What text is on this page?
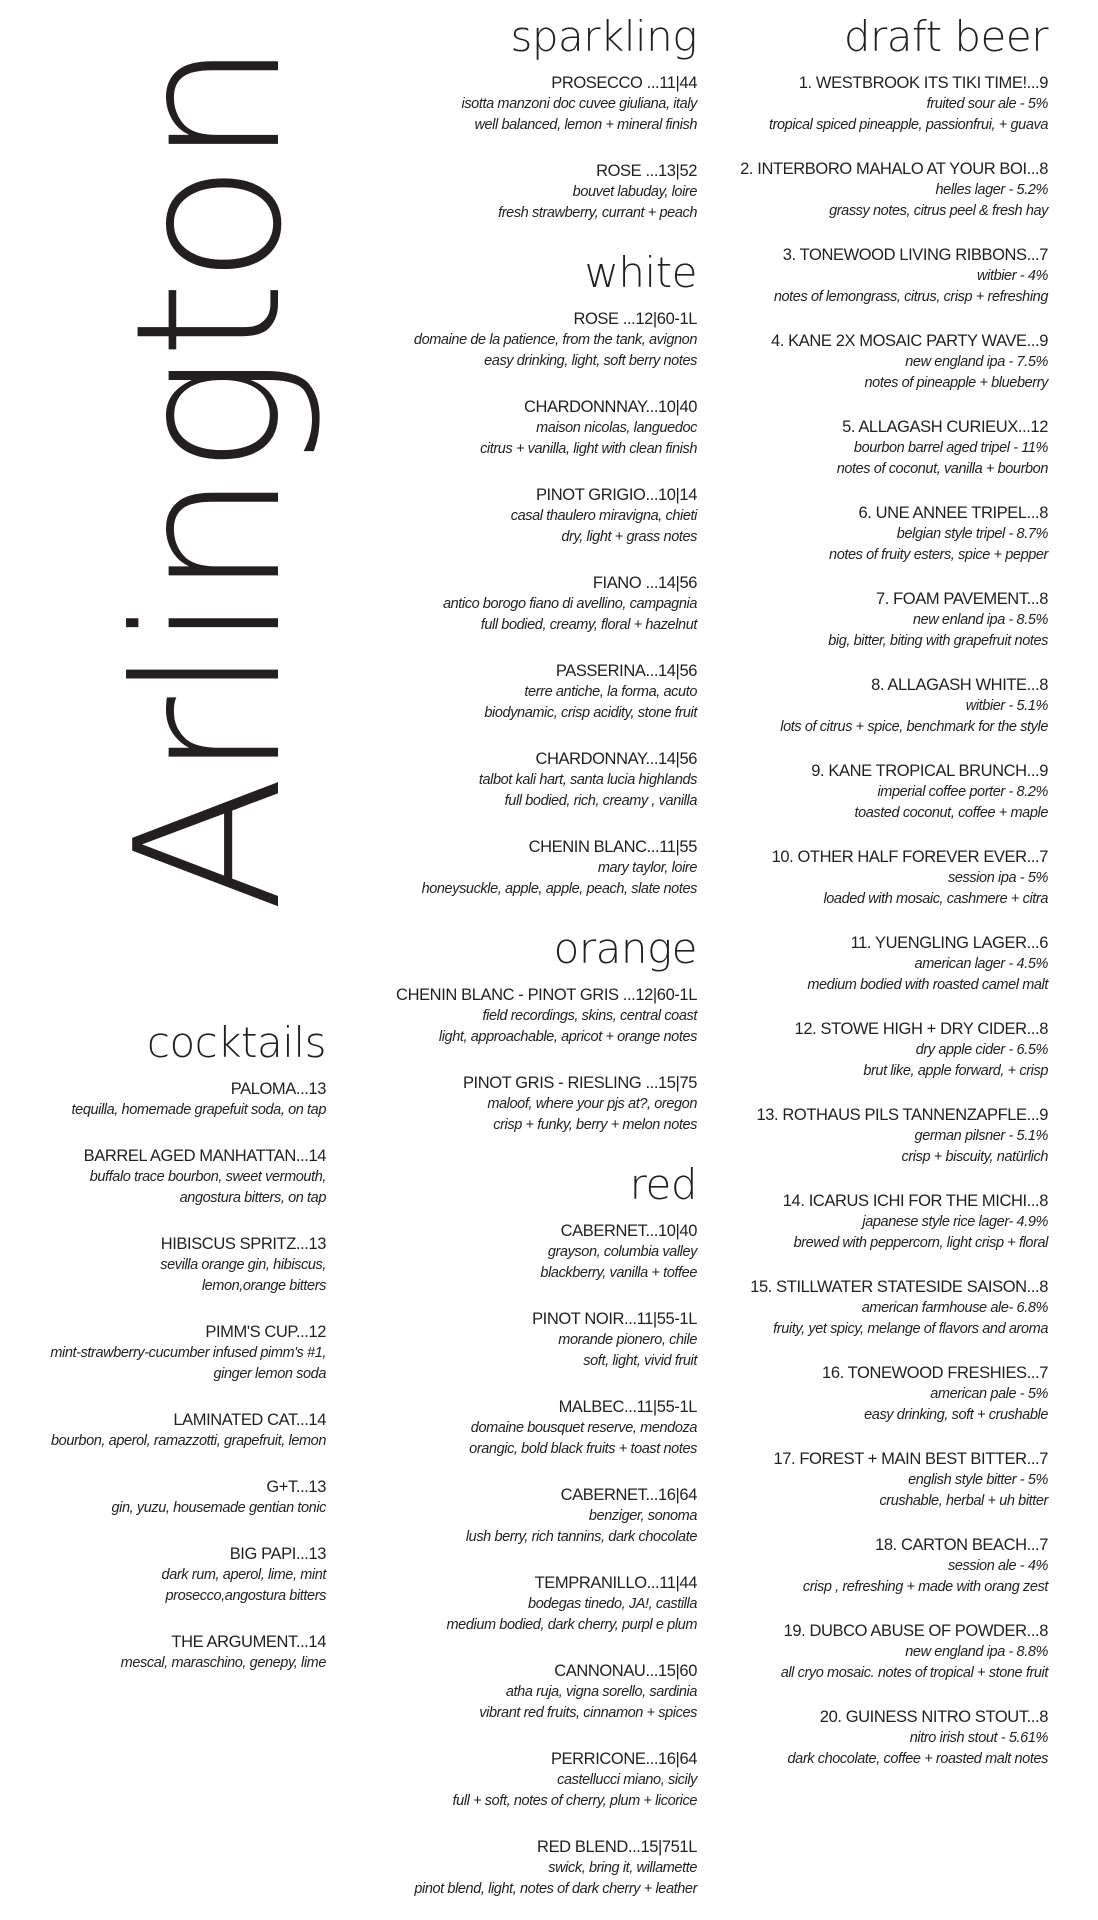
Arlington
cocktails
PALOMA...13
tequilla, homemade grapefuit soda, on tap
BARREL AGED MANHATTAN...14
buffalo trace bourbon, sweet vermouth,
angostura bitters, on tap
HIBISCUS SPRITZ...13
sevilla orange gin, hibiscus,
lemon,orange bitters
PIMM'S CUP...12
mint-strawberry-cucumber infused pimm's #1,
ginger lemon soda
LAMINATED CAT...14
bourbon, aperol, ramazzotti, grapefruit, lemon
G+T...13
gin, yuzu, housemade gentian tonic
BIG PAPI...13
dark rum, aperol, lime, mint
prosecco,angostura bitters
THE ARGUMENT...14
mescal, maraschino, genepy, lime
sparkling
PROSECCO ...11|44
isotta manzoni doc cuvee giuliana, italy
well balanced, lemon + mineral finish
ROSE ...13|52
bouvet labuday, loire
fresh strawberry, currant + peach
white
ROSE ...12|60-1L
domaine de la patience, from the tank, avignon
easy drinking, light, soft berry notes
CHARDONNNAY...10|40
maison nicolas, languedoc
citrus + vanilla, light with clean finish
PINOT GRIGIO...10|14
casal thaulero miravigna, chieti
dry, light + grass notes
FIANO ...14|56
antico borogo fiano di avellino, campagnia
full bodied, creamy, floral + hazelnut
PASSERINA...14|56
terre antiche, la forma, acuto
biodynamic, crisp acidity, stone fruit
CHARDONNAY...14|56
talbot kali hart, santa lucia highlands
full bodied, rich, creamy , vanilla
CHENIN BLANC...11|55
mary taylor, loire
honeysuckle, apple, apple, peach, slate notes
orange
CHENIN BLANC - PINOT GRIS ...12|60-1L
field recordings, skins, central coast
light, approachable, apricot + orange notes
PINOT GRIS - RIESLING ...15|75
maloof, where your pjs at?, oregon
crisp + funky, berry + melon notes
red
CABERNET...10|40
grayson, columbia valley
blackberry, vanilla + toffee
PINOT NOIR...11|55-1L
morande pionero, chile
soft, light, vivid fruit
MALBEC...11|55-1L
domaine bousquet reserve, mendoza
orangic, bold black fruits + toast notes
CABERNET...16|64
benziger, sonoma
lush berry, rich tannins, dark chocolate
TEMPRANILLO...11|44
bodegas tinedo, JA!, castilla
medium bodied, dark cherry, purpl e plum
CANNONAU...15|60
atha ruja, vigna sorello, sardinia
vibrant red fruits, cinnamon + spices
PERRICONE...16|64
castellucci miano, sicily
full + soft, notes of cherry, plum + licorice
RED BLEND...15|751L
swick, bring it, willamette
pinot blend, light, notes of dark cherry + leather
draft beer
1. WESTBROOK ITS TIKI TIME!...9
fruited sour ale - 5%
tropical spiced pineapple, passionfrui, + guava
2. INTERBORO MAHALO AT YOUR BOI...8
helles lager - 5.2%
grassy notes, citrus peel & fresh hay
3. TONEWOOD LIVING RIBBONS...7
witbier - 4%
notes of lemongrass, citrus, crisp + refreshing
4. KANE 2X MOSAIC PARTY WAVE...9
new england ipa - 7.5%
notes of pineapple + blueberry
5. ALLAGASH CURIEUX...12
bourbon barrel aged tripel - 11%
notes of coconut, vanilla + bourbon
6. UNE ANNEE TRIPEL...8
belgian style tripel - 8.7%
notes of fruity esters, spice + pepper
7. FOAM PAVEMENT...8
new enland ipa - 8.5%
big, bitter, biting with grapefruit notes
8. ALLAGASH WHITE...8
witbier - 5.1%
lots of citrus + spice, benchmark for the style
9. KANE TROPICAL BRUNCH...9
imperial coffee porter - 8.2%
toasted coconut, coffee + maple
10. OTHER HALF FOREVER EVER...7
session ipa - 5%
loaded with mosaic, cashmere + citra
11. YUENGLING LAGER...6
american lager - 4.5%
medium bodied with roasted camel malt
12. STOWE HIGH + DRY CIDER...8
dry apple cider - 6.5%
brut like, apple forward, + crisp
13. ROTHAUS PILS TANNENZAPFLE...9
german pilsner - 5.1%
crisp + biscuity, natürlich
14. ICARUS ICHI FOR THE MICHI...8
japanese style rice lager- 4.9%
brewed with peppercorn, light crisp + floral
15. STILLWATER STATESIDE SAISON...8
american farmhouse ale- 6.8%
fruity, yet spicy, melange of flavors and aroma
16. TONEWOOD FRESHIES...7
american pale - 5%
easy drinking, soft + crushable
17. FOREST + MAIN BEST BITTER...7
english style bitter - 5%
crushable, herbal + uh bitter
18. CARTON BEACH...7
session ale - 4%
crisp , refreshing + made with orang zest
19. DUBCO ABUSE OF POWDER...8
new england ipa - 8.8%
all cryo mosaic. notes of tropical + stone fruit
20. GUINESS NITRO STOUT...8
nitro irish stout - 5.61%
dark chocolate, coffee + roasted malt notes
